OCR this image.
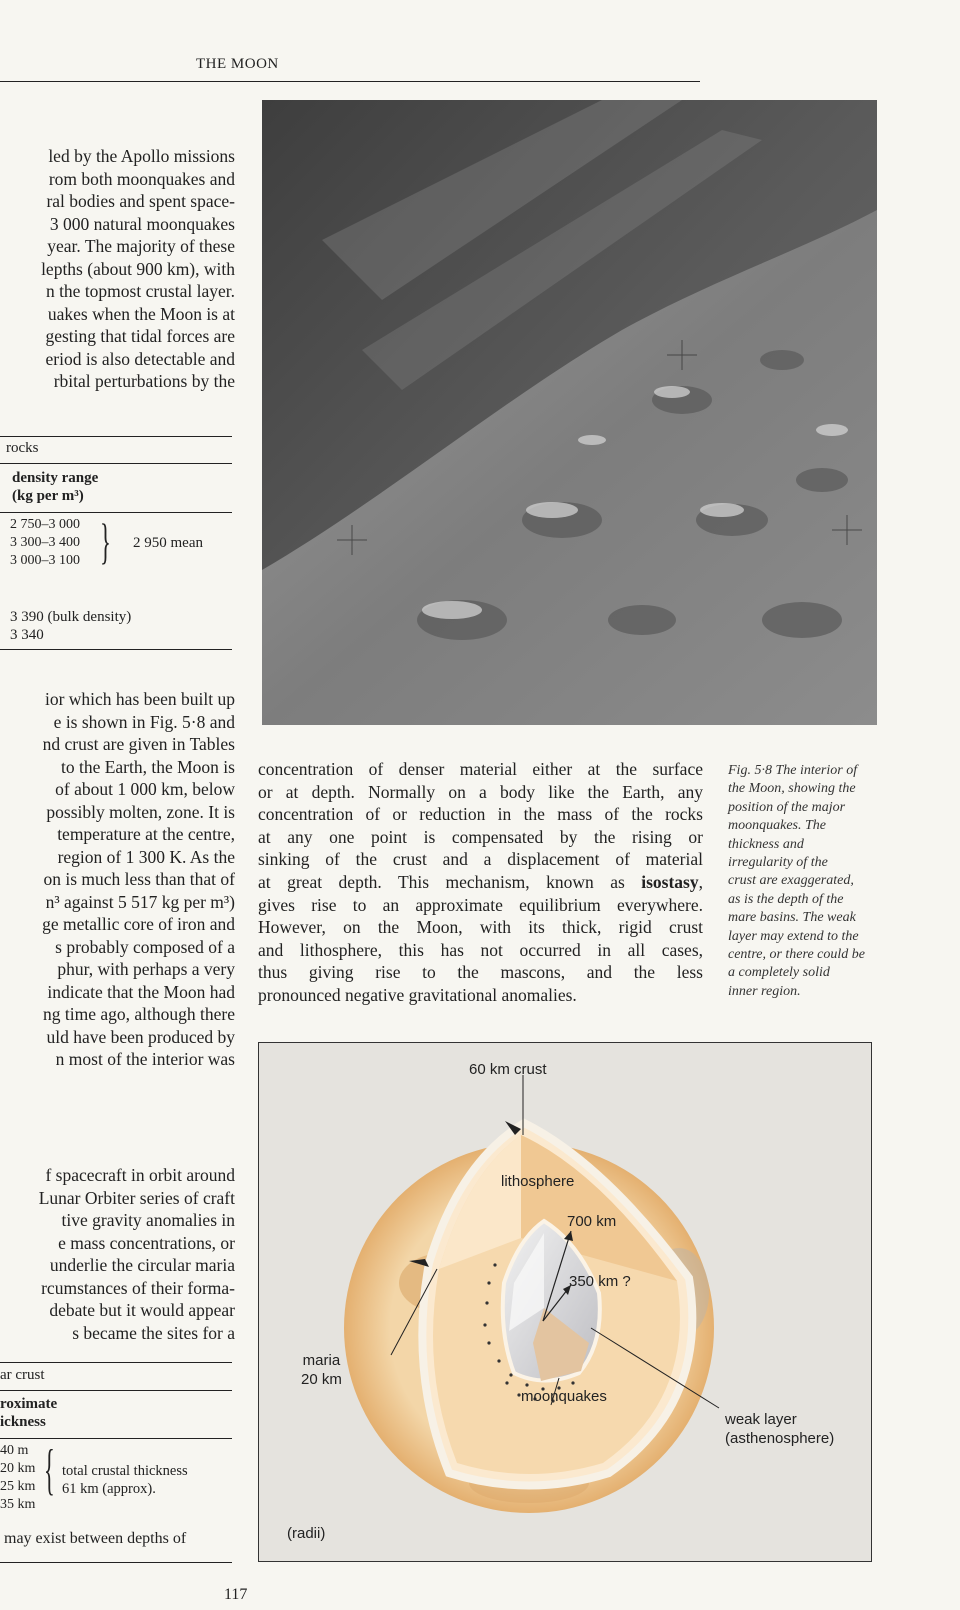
THE MOON
led by the Apollo missions
rom both moonquakes and
ral bodies and spent space-
3 000 natural moonquakes
year. The majority of these
lepths (about 900 km), with
n the topmost crustal layer.
uakes when the Moon is at
gesting that tidal forces are
eriod is also detectable and
rbital perturbations by the
rocks
density range
(kg per m³)
2 750–3 000
3 300–3 400
3 000–3 100 } 2 950 mean
3 390 (bulk density)
3 340
ior which has been built up
e is shown in Fig. 5·8 and
nd crust are given in Tables
to the Earth, the Moon is
of about 1 000 km, below
possibly molten, zone. It is
temperature at the centre,
region of 1 300 K. As the
on is much less than that of
n³ against 5 517 kg per m³)
ge metallic core of iron and
s probably composed of a
phur, with perhaps a very
indicate that the Moon had
ng time ago, although there
uld have been produced by
n most of the interior was
f spacecraft in orbit around
Lunar Orbiter series of craft
tive gravity anomalies in
e mass concentrations, or
underlie the circular maria
rcumstances of their forma-
debate but it would appear
s became the sites for a
ar crust
roximate
ickness
40 m
20 km
25 km
35 km
{ total crustal thickness
61 km (approx).
may exist between depths of
concentration of denser material either at the surface
or at depth. Normally on a body like the Earth, any
concentration of or reduction in the mass of the rocks
at any one point is compensated by the rising or
sinking of the crust and a displacement of material
at great depth. This mechanism, known as isostasy,
gives rise to an approximate equilibrium everywhere.
However, on the Moon, with its thick, rigid crust
and lithosphere, this has not occurred in all cases,
thus giving rise to the mascons, and the less
pronounced negative gravitational anomalies.
Fig. 5·8 The interior of
the Moon, showing the
position of the major
moonquakes. The
thickness and
irregularity of the
crust are exaggerated,
as is the depth of the
mare basins. The weak
layer may extend to the
centre, or there could be
a completely solid
inner region.
60 km crust
lithosphere
700 km
350 km ?
maria
20 km
moonquakes
weak layer
(asthenosphere)
(radii)
117
